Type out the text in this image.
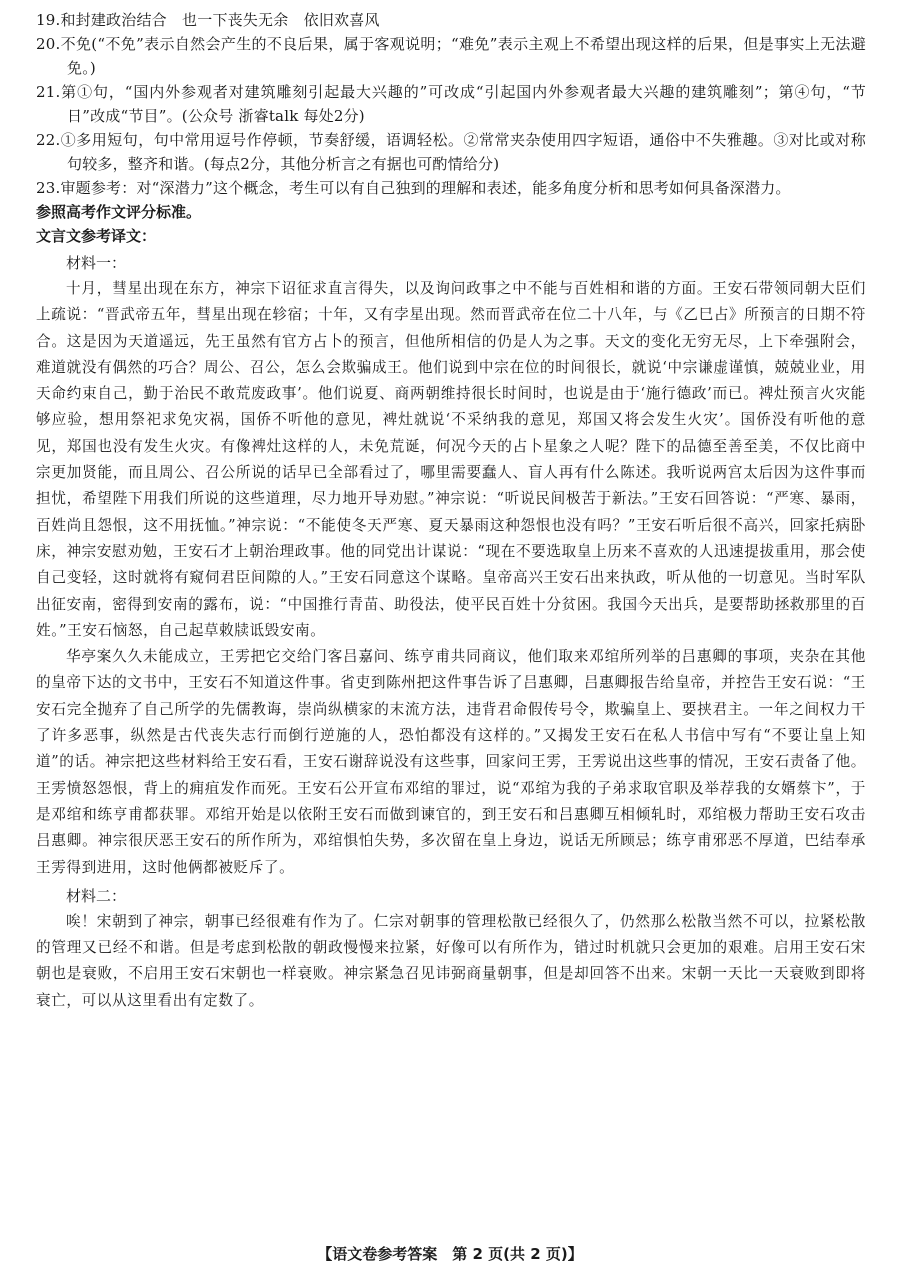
19.和封建政治结合　也一下丧失无余　依旧欢喜风

20.不免(“不免”表示自然会产生的不良后果，属于客观说明；“难免”表示主观上不希望出现这样的后果，但是事实上无法避免。)

21.第①句，“国内外参观者对建筑雕刻引起最大兴趣的”可改成“引起国内外参观者最大兴趣的建筑雕刻”；第④句，“节日”改成“节目”。(公众号 浙睿talk 每处2分)

22.①多用短句，句中常用逗号作停顿，节奏舒缓，语调轻松。②常常夹杂使用四字短语，通俗中不失雅趣。③对比或对称句较多，整齐和谐。(每点2分，其他分析言之有据也可酌情给分)

23.审题参考：对“深潜力”这个概念，考生可以有自己独到的理解和表述，能多角度分析和思考如何具备深潜力。

参照高考作文评分标准。

文言文参考译文：

材料一：

十月，彗星出现在东方，神宗下诏征求直言得失，以及询问政事之中不能与百姓相和谐的方面。王安石带领同朝大臣们上疏说：“晋武帝五年，彗星出现在轸宿；十年，又有孛星出现。然而晋武帝在位二十八年，与《乙巳占》所预言的日期不符合。这是因为天道遥远，先王虽然有官方占卜的预言，但他所相信的仍是人为之事。天文的变化无穷无尽，上下牵强附会，难道就没有偶然的巧合？周公、召公，怎么会欺骗成王。他们说到中宗在位的时间很长，就说‘中宗谦虚谨慎，兢兢业业，用天命约束自己，勤于治民不敢荒废政事’。他们说夏、商两朝维持很长时间时，也说是由于‘施行德政’而已。裨灶预言火灾能够应验，想用祭祀求免灾祸，国侨不听他的意见，裨灶就说‘不采纳我的意见，郑国又将会发生火灾’。国侨没有听他的意见，郑国也没有发生火灾。有像裨灶这样的人，未免荒诞，何况今天的占卜星象之人呢？陛下的品德至善至美，不仅比商中宗更加贤能，而且周公、召公所说的话早已全部看过了，哪里需要蠢人、盲人再有什么陈述。我听说两宫太后因为这件事而担忧，希望陛下用我们所说的这些道理，尽力地开导劝慰。”神宗说：“听说民间极苦于新法。”王安石回答说：“严寒、暴雨，百姓尚且怨恨，这不用抚恤。”神宗说：“不能使冬天严寒、夏天暴雨这种怨恨也没有吗？”王安石听后很不高兴，回家托病卧床，神宗安慰劝勉，王安石才上朝治理政事。他的同党出计谋说：“现在不要选取皇上历来不喜欢的人迅速提拔重用，那会使自己变轻，这时就将有窥伺君臣间隙的人。”王安石同意这个谋略。皇帝高兴王安石出来执政，听从他的一切意见。当时军队出征安南，密得到安南的露布，说：“中国推行青苗、助役法，使平民百姓十分贫困。我国今天出兵，是要帮助拯救那里的百姓。”王安石恼怒，自己起草敕牍诋毁安南。

华亭案久久未能成立，王雱把它交给门客吕嘉问、练亨甫共同商议，他们取来邓绾所列举的吕惠卿的事项，夹杂在其他的皇帝下达的文书中，王安石不知道这件事。省吏到陈州把这件事告诉了吕惠卿，吕惠卿报告给皇帝，并控告王安石说：“王安石完全抛弃了自己所学的先儒教诲，崇尚纵横家的末流方法，违背君命假传号令，欺骗皇上、要挟君主。一年之间权力干了许多恶事，纵然是古代丧失志行而倒行逆施的人，恐怕都没有这样的。”又揭发王安石在私人书信中写有“不要让皇上知道”的话。神宗把这些材料给王安石看，王安石谢辞说没有这些事，回家问王雱，王雱说出这些事的情况，王安石责备了他。王雱愤怒怨恨，背上的痈疽发作而死。王安石公开宣布邓绾的罪过，说“邓绾为我的子弟求取官职及举荐我的女婿蔡卞”，于是邓绾和练亨甫都获罪。邓绾开始是以依附王安石而做到谏官的，到王安石和吕惠卿互相倾轧时，邓绾极力帮助王安石攻击吕惠卿。神宗很厌恶王安石的所作所为，邓绾惧怕失势，多次留在皇上身边，说话无所顾忌；练亨甫邪恶不厚道，巴结奉承王雱得到进用，这时他俩都被贬斥了。

材料二：

唉！宋朝到了神宗，朝事已经很难有作为了。仁宗对朝事的管理松散已经很久了，仍然那么松散当然不可以，拉紧松散的管理又已经不和谐。但是考虑到松散的朝政慢慢来拉紧，好像可以有所作为，错过时机就只会更加的艰难。启用王安石宋朝也是衰败，不启用王安石宋朝也一样衰败。神宗紧急召见讳弼商量朝事，但是却回答不出来。宋朝一天比一天衰败到即将衰亡，可以从这里看出有定数了。

【语文卷参考答案　第 2 页(共 2 页)】
